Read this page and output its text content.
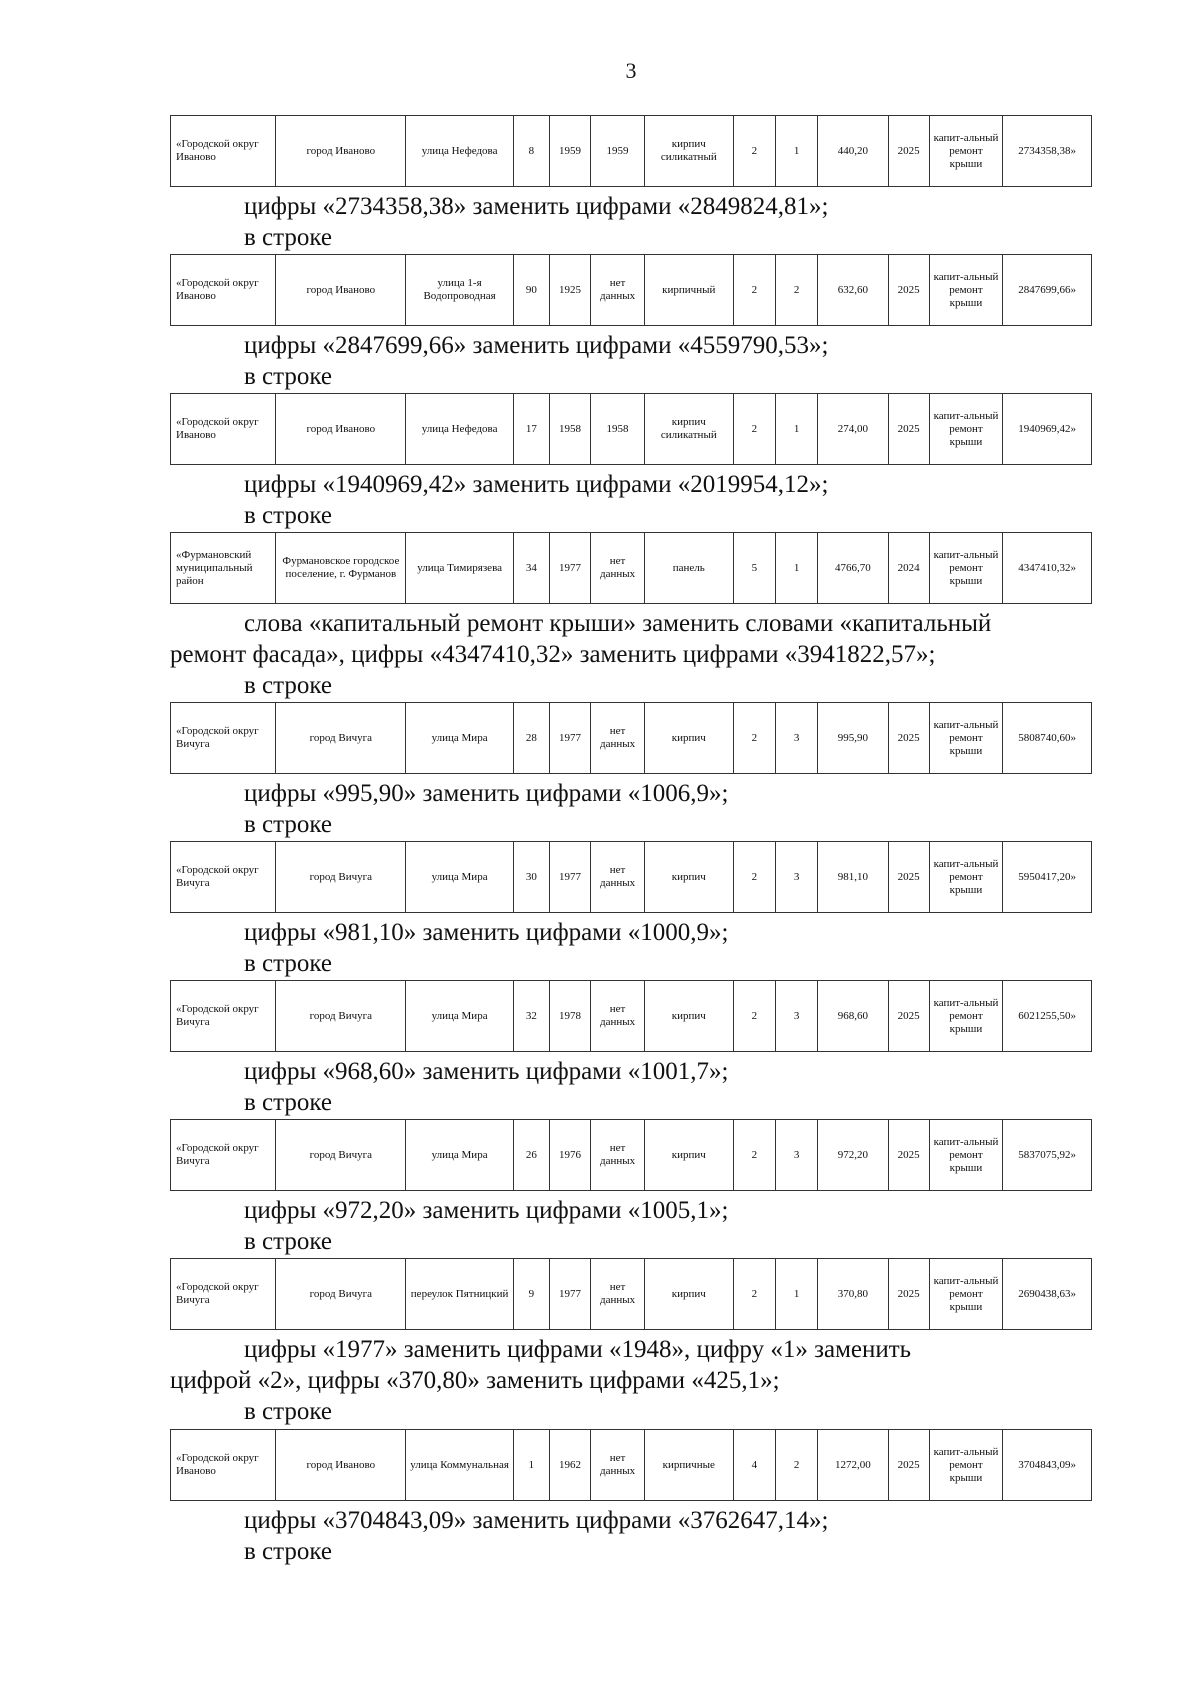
3
«Городской округ Иваново	город Иваново	улица Нефедова	8	1959	1959	кирпич силикатный	2	1	440,20	2025	капит-альный ремонт крыши	2734358,38»
цифры «2734358,38» заменить цифрами «2849824,81»;
в строке
«Городской округ Иваново	город Иваново	улица 1-я Водопроводная	90	1925	нет данных	кирпичный	2	2	632,60	2025	капит-альный ремонт крыши	2847699,66»
цифры «2847699,66» заменить цифрами «4559790,53»;
в строке
«Городской округ Иваново	город Иваново	улица Нефедова	17	1958	1958	кирпич силикатный	2	1	274,00	2025	капит-альный ремонт крыши	1940969,42»
цифры «1940969,42» заменить цифрами «2019954,12»;
в строке
«Фурмановский муниципальный район	Фурмановское городское поселение, г. Фурманов	улица Тимирязева	34	1977	нет данных	панель	5	1	4766,70	2024	капит-альный ремонт крыши	4347410,32»
слова «капитальный ремонт крыши» заменить словами «капитальный
ремонт фасада», цифры «4347410,32» заменить цифрами «3941822,57»;
в строке
«Городской округ Вичуга	город Вичуга	улица Мира	28	1977	нет данных	кирпич	2	3	995,90	2025	капит-альный ремонт крыши	5808740,60»
цифры «995,90» заменить цифрами «1006,9»;
в строке
«Городской округ Вичуга	город Вичуга	улица Мира	30	1977	нет данных	кирпич	2	3	981,10	2025	капит-альный ремонт крыши	5950417,20»
цифры «981,10» заменить цифрами «1000,9»;
в строке
«Городской округ Вичуга	город Вичуга	улица Мира	32	1978	нет данных	кирпич	2	3	968,60	2025	капит-альный ремонт крыши	6021255,50»
цифры «968,60» заменить цифрами «1001,7»;
в строке
«Городской округ Вичуга	город Вичуга	улица Мира	26	1976	нет данных	кирпич	2	3	972,20	2025	капит-альный ремонт крыши	5837075,92»
цифры «972,20» заменить цифрами «1005,1»;
в строке
«Городской округ Вичуга	город Вичуга	переулок Пятницкий	9	1977	нет данных	кирпич	2	1	370,80	2025	капит-альный ремонт крыши	2690438,63»
цифры «1977» заменить цифрами «1948», цифру «1» заменить
цифрой «2», цифры «370,80» заменить цифрами «425,1»;
в строке
«Городской округ Иваново	город Иваново	улица Коммунальная	1	1962	нет данных	кирпичные	4	2	1272,00	2025	капит-альный ремонт крыши	3704843,09»
цифры «3704843,09» заменить цифрами «3762647,14»;
в строке
